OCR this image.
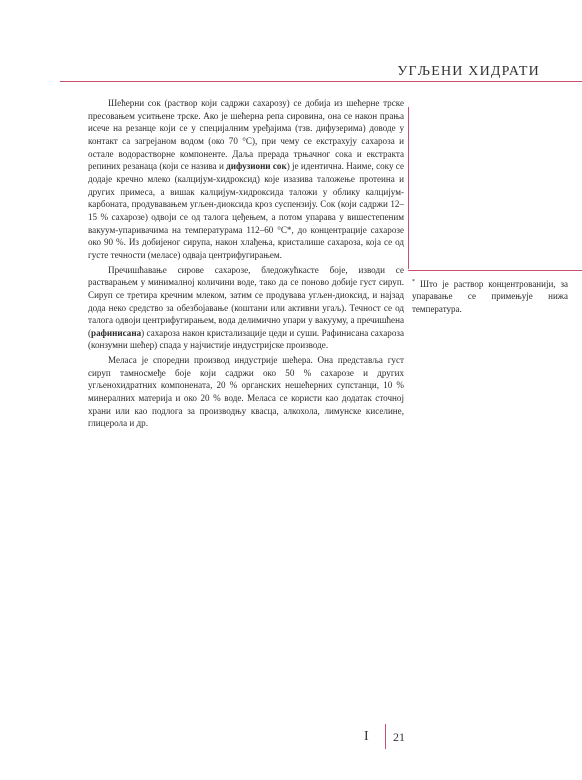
УГЉЕНИ ХИДРАТИ

Шећерни сок (раствор који садржи сахарозу) се добија из шећерне трске пресовањем уситњене трске. Ако је шећерна репа сировина, она се након прања исече на резанце који се у специјалним уређајима (тзв. дифузерима) доводе у контакт са загрејаном водом (око 70 °C), при чему се екстрахују сахароза и остале водорастворне компоненте. Даља прерада трњачног сока и екстракта репиних резанаца (који се назива и дифузиони сок) је идентична. Наиме, соку се додаје кречно млеко (калцијум-хидроксид) које изазива таложење протеина и других примеса, а вишак калцијум-хидроксида таложи у облику калцијум-карбоната, продувавањем угљен-диоксида кроз суспензију. Сок (који садржи 12–15 % сахарозе) одвоји се од талога цеђењем, а потом упарава у вишестепеним вакуум-упаривачима на температурама 112–60 °C*, до концентрације сахарозе око 90 %. Из добијеног сирупа, након хлађења, кристалише сахароза, која се од густе течности (меласе) одваја центрифугирањем.

Пречишћавање сирове сахарозе, бледожућкасте боје, изводи се растварањем у минималној количини воде, тако да се поново добије густ сируп. Сируп се третира кречним млеком, затим се продувава угљен-диоксид, и најзад дода неко средство за обезбојавање (коштани или активни угаљ). Течност се од талога одвоји центрифугирањем, вода делимично упари у вакууму, а пречишћена (рафинисана) сахароза након кристализације цеди и суши. Рафинисана сахароза (конзумни шећер) спада у најчистије индустријске производе.

Меласа је споредни производ индустрије шећера. Она представља густ сируп тамносмеђе боје који садржи око 50 % сахарозе и других угљенохидратних компонената, 20 % органских нешећерних супстанци, 10 % минералних материја и око 20 % воде. Меласа се користи као додатак сточној храни или као подлога за производњу квасца, алкохола, лимунске киселине, глицерола и др.

* Што је раствор концентрованији, за упаравање се примењује нижа температура.
I 21
